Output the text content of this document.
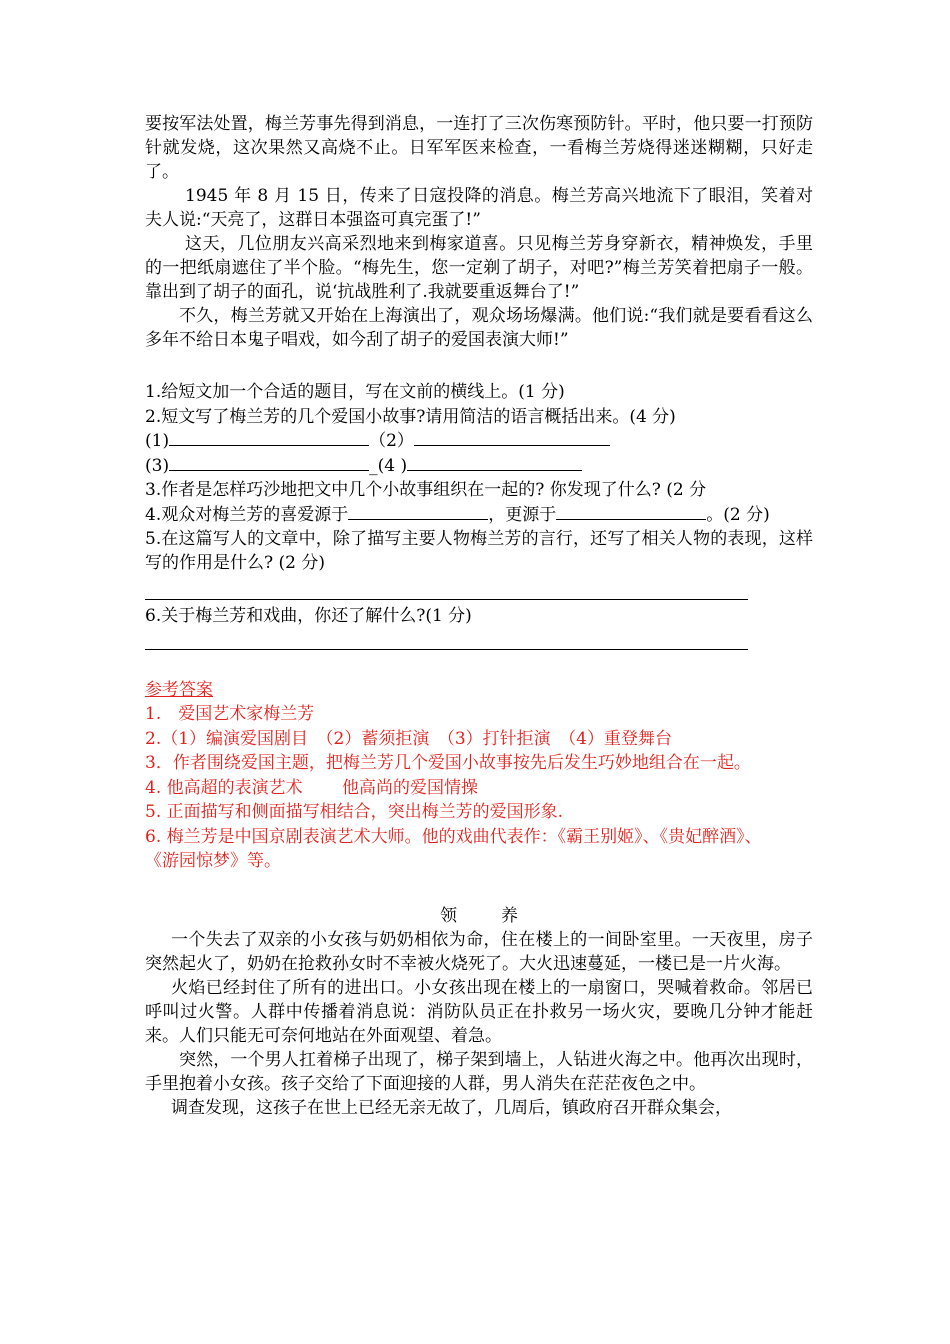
要按军法处置，梅兰芳事先得到消息，一连打了三次伤寒预防针。平时，他只要一打预防针就发烧，这次果然又高烧不止。日军军医来检查，一看梅兰芳烧得迷迷糊糊，只好走了。

1945 年 8 月 15 日，传来了日寇投降的消息。梅兰芳高兴地流下了眼泪，笑着对夫人说:“天亮了，这群日本强盗可真完蛋了!”

这天，几位朋友兴高采烈地来到梅家道喜。只见梅兰芳身穿新衣，精神焕发，手里的一把纸扇遮住了半个脸。“梅先生，您一定剃了胡子，对吧?”梅兰芳笑着把扇子一般。靠出到了胡子的面孔，说‘抗战胜利了.我就要重返舞台了!”

不久，梅兰芳就又开始在上海演出了，观众场场爆满。他们说:“我们就是要看看这么多年不给日本鬼子唱戏，如今刮了胡子的爱国表演大师!”

1.给短文加一个合适的题目，写在文前的横线上。(1 分)

2.短文写了梅兰芳的几个爱国小故事?请用简洁的语言概括出来。(4 分)

(1)	（2）

(3)	_(4 )

3.作者是怎样巧沙地把文中几个小故事组织在一起的? 你发现了什么? (2 分

4.观众对梅兰芳的喜爱源于	，更源于	。(2 分)

5.在这篇写人的文章中，除了描写主要人物梅兰芳的言行，还写了相关人物的表现，这样写的作用是什么? (2 分)

6.关于梅兰芳和戏曲，你还了解什么?(1 分)

参考答案

1.　爱国艺术家梅兰芳

2.（1）编演爱国剧目　（2）蓄须拒演　（3）打针拒演　（4）重登舞台

3．作者围绕爱国主题，把梅兰芳几个爱国小故事按先后发生巧妙地组合在一起。

4. 他高超的表演艺术　　 他高尚的爱国情操

5. 正面描写和侧面描写相结合，突出梅兰芳的爱国形象.

6. 梅兰芳是中国京剧表演艺术大师。他的戏曲代表作：《霸王别姬》、《贵妃醉酒》、

《游园惊梦》等。

领	养

一个失去了双亲的小女孩与奶奶相依为命，住在楼上的一间卧室里。一天夜里，房子突然起火了，奶奶在抢救孙女时不幸被火烧死了。大火迅速蔓延，一楼已是一片火海。

火焰已经封住了所有的进出口。小女孩出现在楼上的一扇窗口，哭喊着救命。邻居已呼叫过火警。人群中传播着消息说：消防队员正在扑救另一场火灾，要晚几分钟才能赶来。人们只能无可奈何地站在外面观望、着急。

突然，一个男人扛着梯子出现了，梯子架到墙上，人钻进火海之中。他再次出现时，手里抱着小女孩。孩子交给了下面迎接的人群，男人消失在茫茫夜色之中。

调查发现，这孩子在世上已经无亲无故了，几周后，镇政府召开群众集会，
